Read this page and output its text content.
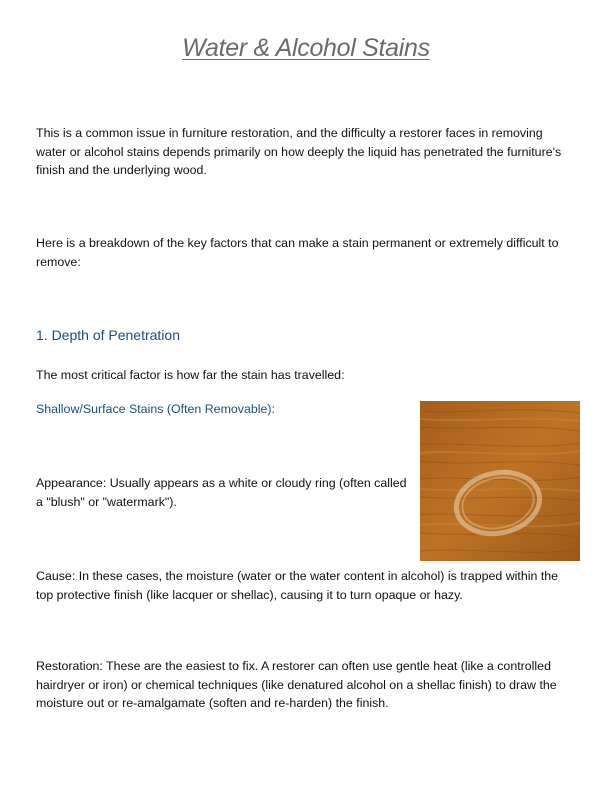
Water & Alcohol Stains

This is a common issue in furniture restoration, and the difficulty a restorer faces in removing water or alcohol stains depends primarily on how deeply the liquid has penetrated the furniture's finish and the underlying wood.

Here is a breakdown of the key factors that can make a stain permanent or extremely difficult to remove:

1. Depth of Penetration

The most critical factor is how far the stain has travelled:

Shallow/Surface Stains (Often Removable):

Appearance: Usually appears as a white or cloudy ring (often called a "blush" or "watermark").

Cause: In these cases, the moisture (water or the water content in alcohol) is trapped within the top protective finish (like lacquer or shellac), causing it to turn opaque or hazy.

Restoration: These are the easiest to fix. A restorer can often use gentle heat (like a controlled hairdryer or iron) or chemical techniques (like denatured alcohol on a shellac finish) to draw the moisture out or re-amalgamate (soften and re-harden) the finish.
